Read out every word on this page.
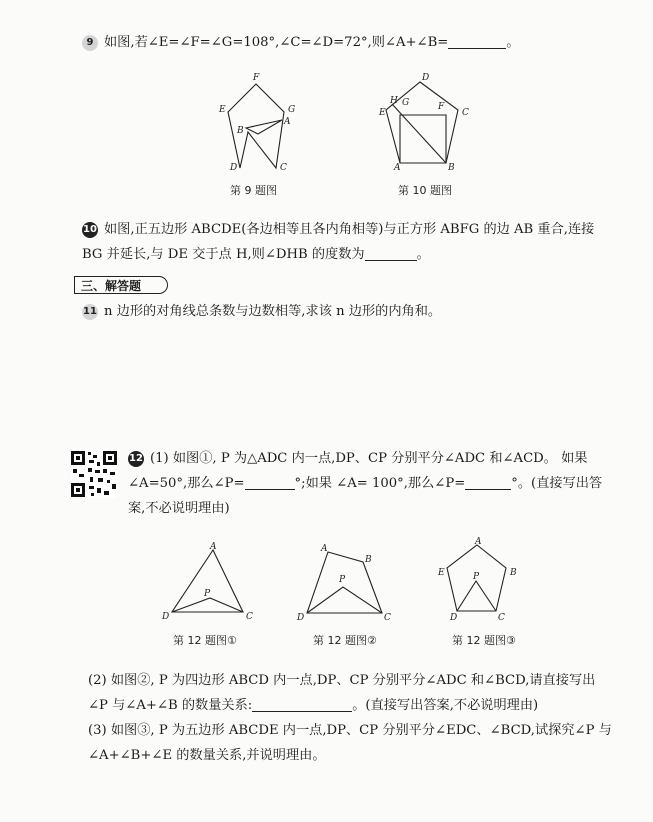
9 如图,若∠E=∠F=∠G=108°,∠C=∠D=72°,则∠A+∠B=	。
F
E	G
A
B
D	C
第 9 题图
D
H G	F
E	C
A	B
第 10 题图
10 如图,正五边形 ABCDE(各边相等且各内角相等)与正方形 ABFG 的边 AB 重合,连接
BG 并延长,与 DE 交于点 H,则∠DHB 的度数为	。
三、解答题
11 n 边形的对角线总条数与边数相等,求该 n 边形的内角和。
12 (1) 如图①, P 为△ADC 内一点,DP、CP 分别平分∠ADC 和∠ACD。 如果
∠A=50°,那么∠P=	°;如果 ∠A= 100°,那么∠P=	°。(直接写出答
案,不必说明理由)
A
P
D	C
第 12 题图①
A
B
P
D	C
第 12 题图②
A
E	B
P
D	C
第 12 题图③
(2) 如图②, P 为四边形 ABCD 内一点,DP、CP 分别平分∠ADC 和∠BCD,请直接写出
∠P 与∠A+∠B 的数量关系:	。(直接写出答案,不必说明理由)
(3) 如图③, P 为五边形 ABCDE 内一点,DP、CP 分别平分∠EDC、∠BCD,试探究∠P 与
∠A+∠B+∠E 的数量关系,并说明理由。
